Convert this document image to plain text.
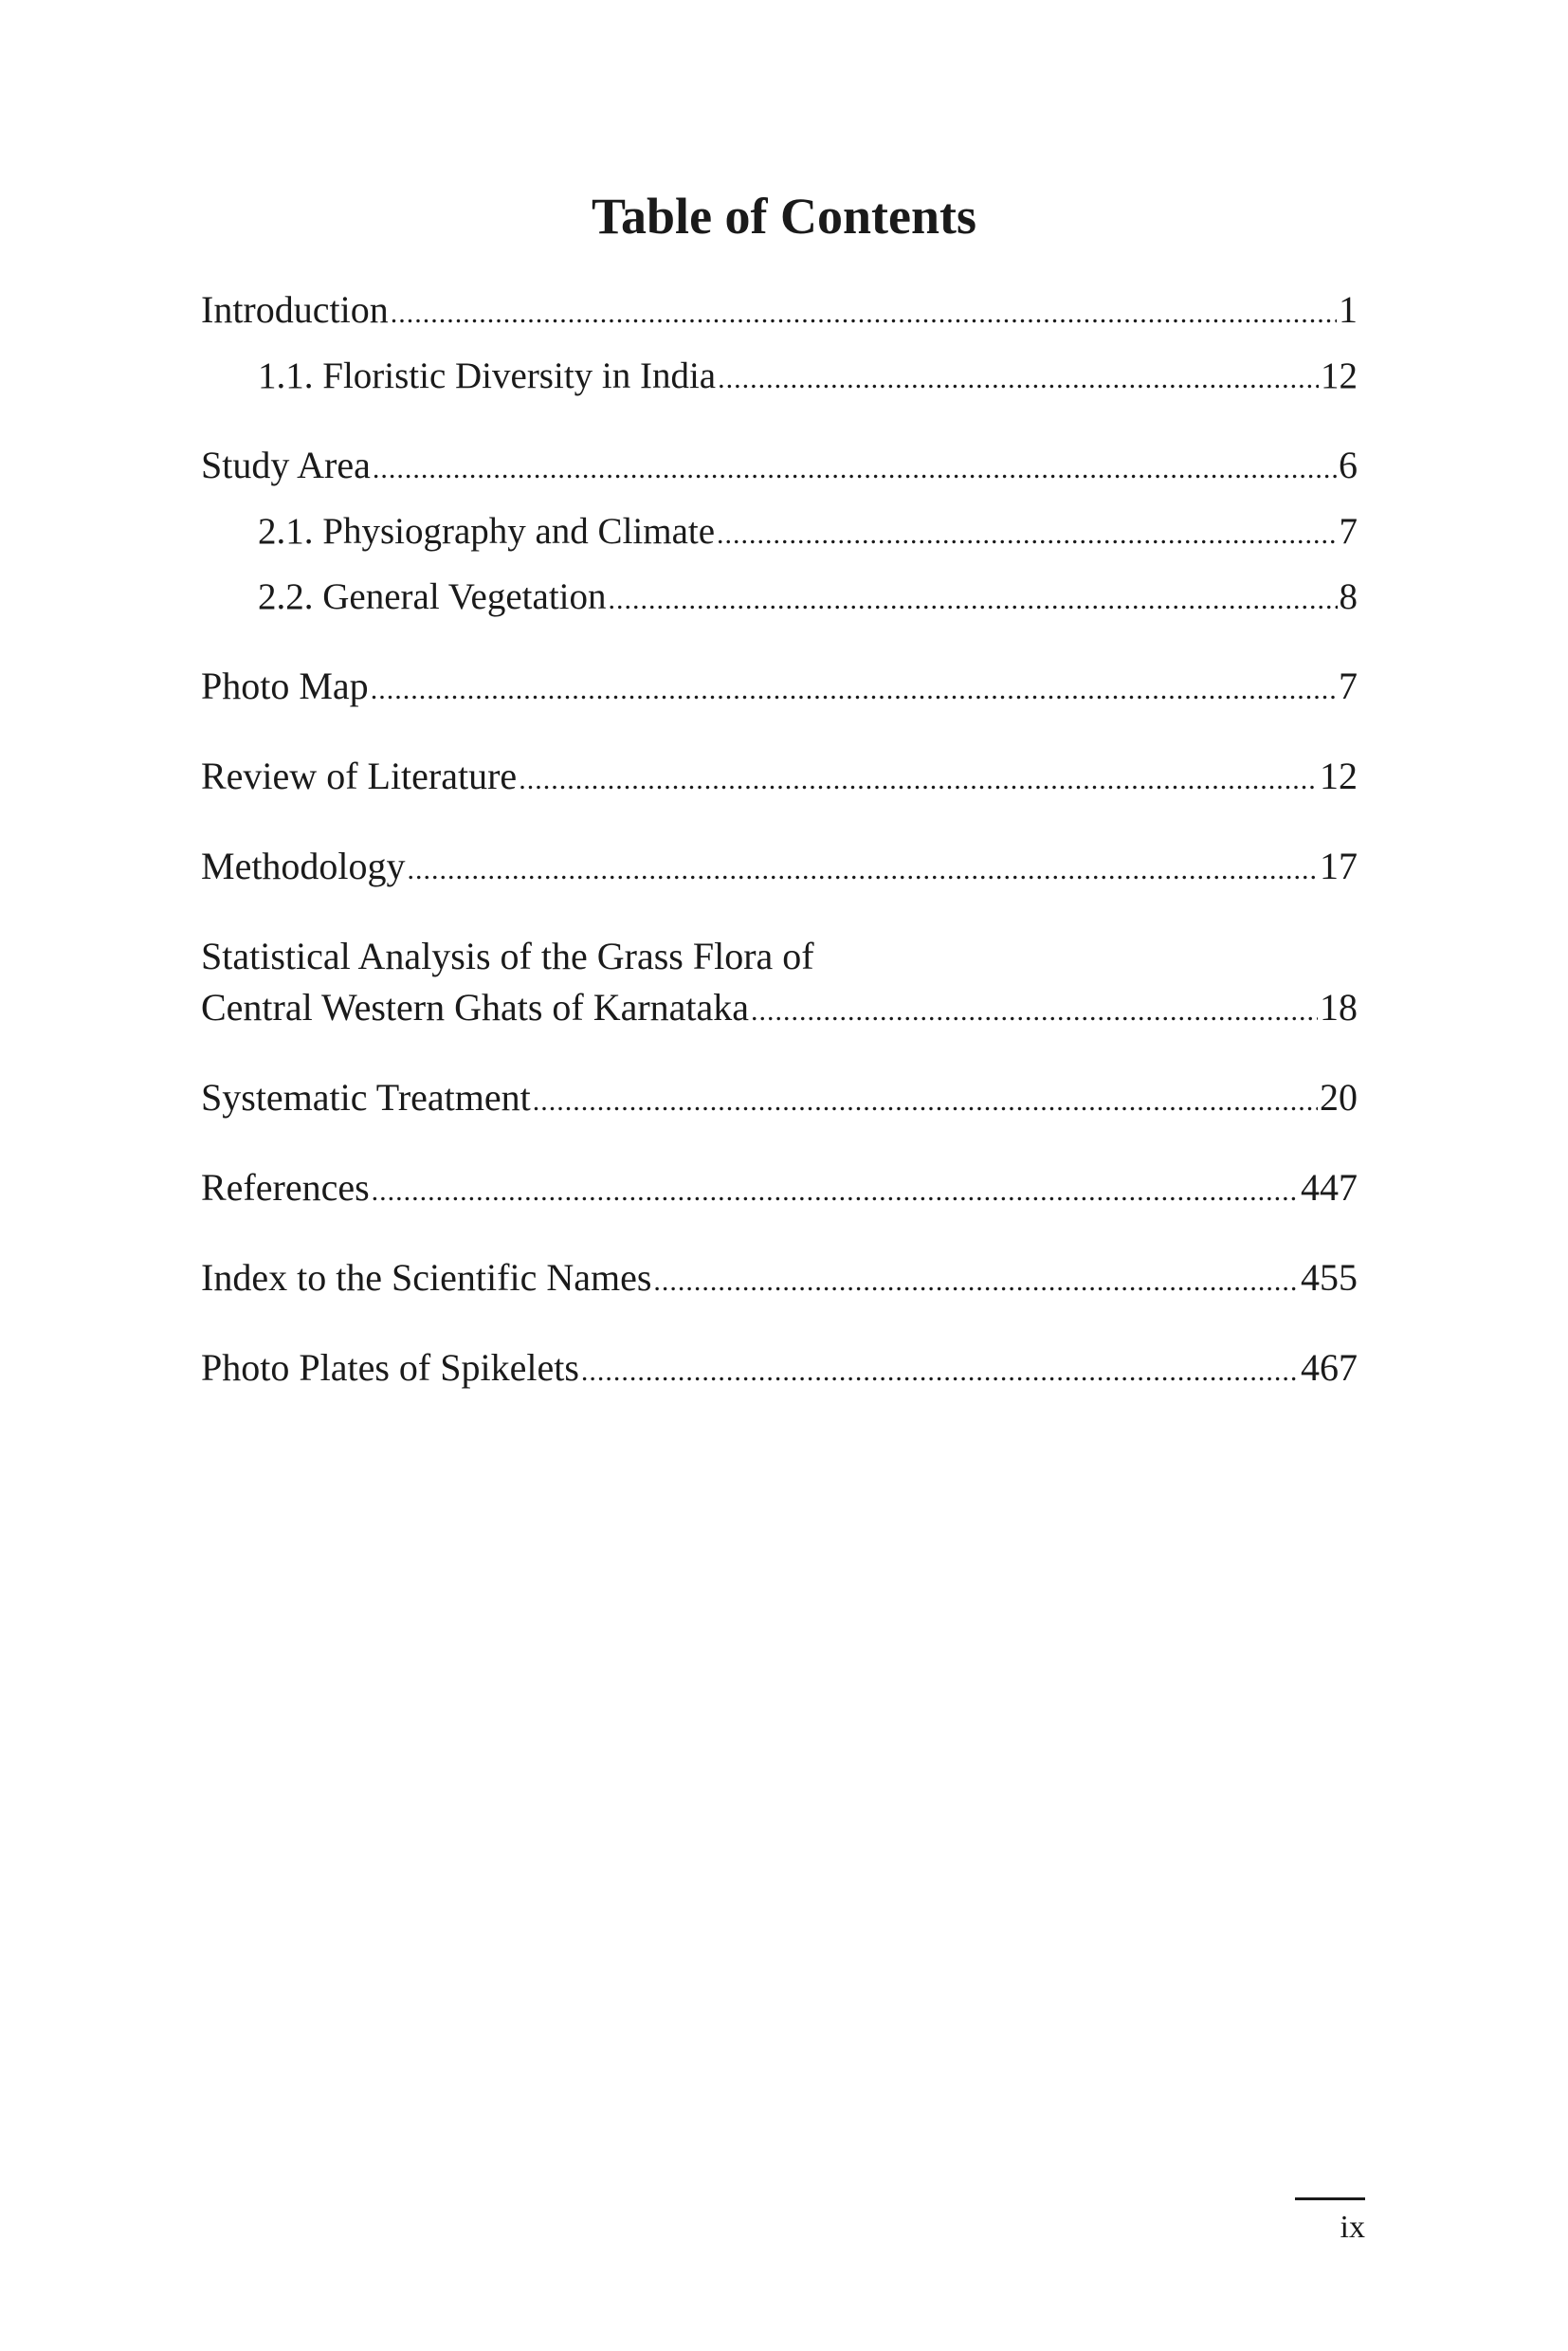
Table of Contents
Introduction .....	1
1.1. Floristic Diversity in India .....	12
Study Area .....	6
2.1. Physiography and Climate .....	7
2.2. General Vegetation .....	8
Photo Map .....	7
Review of Literature .....	12
Methodology .....	17
Statistical Analysis of the Grass Flora of
Central Western Ghats of Karnataka .....	18
Systematic Treatment .....	20
References .....	447
Index to the Scientific Names .....	455
Photo Plates of Spikelets .....	467
ix
